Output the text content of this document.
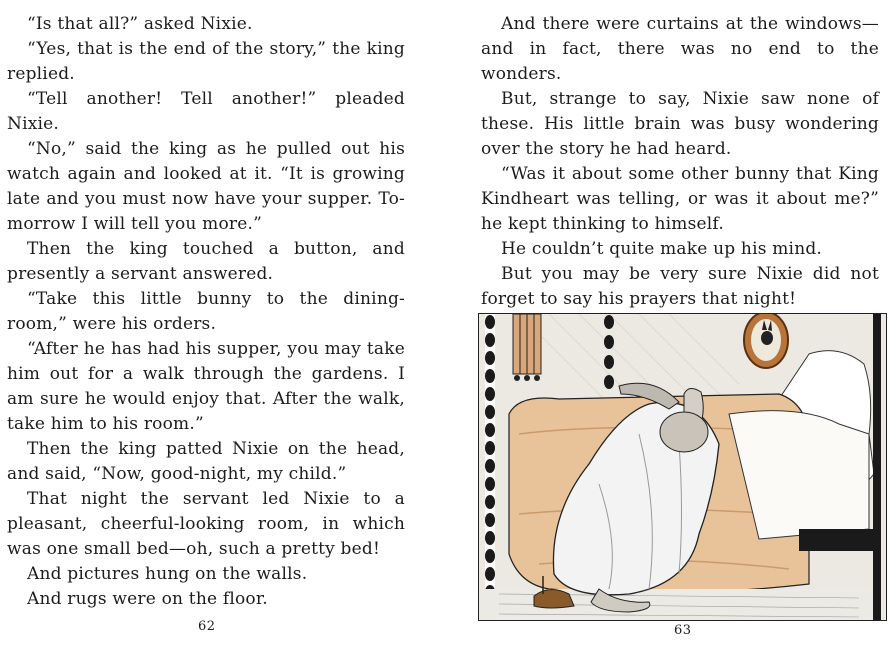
“Is that all?” asked Nixie.

“Yes, that is the end of the story,” the king replied.

“Tell another! Tell another!” pleaded Nixie.

“No,” said the king as he pulled out his watch again and looked at it. “It is growing late and you must now have your supper. To-morrow I will tell you more.”

Then the king touched a button, and presently a servant answered.

“Take this little bunny to the dining-room,” were his orders.

“After he has had his supper, you may take him out for a walk through the gardens. I am sure he would enjoy that. After the walk, take him to his room.”

Then the king patted Nixie on the head, and said, “Now, good-night, my child.”

That night the servant led Nixie to a pleasant, cheerful-looking room, in which was one small bed—oh, such a pretty bed!

And pictures hung on the walls.

And rugs were on the floor.

62

And there were curtains at the windows—and in fact, there was no end to the wonders.

But, strange to say, Nixie saw none of these. His little brain was busy wondering over the story he had heard.

“Was it about some other bunny that King Kindheart was telling, or was it about me?” he kept thinking to himself.

He couldn’t quite make up his mind.

But you may be very sure Nixie did not forget to say his prayers that night!

63
